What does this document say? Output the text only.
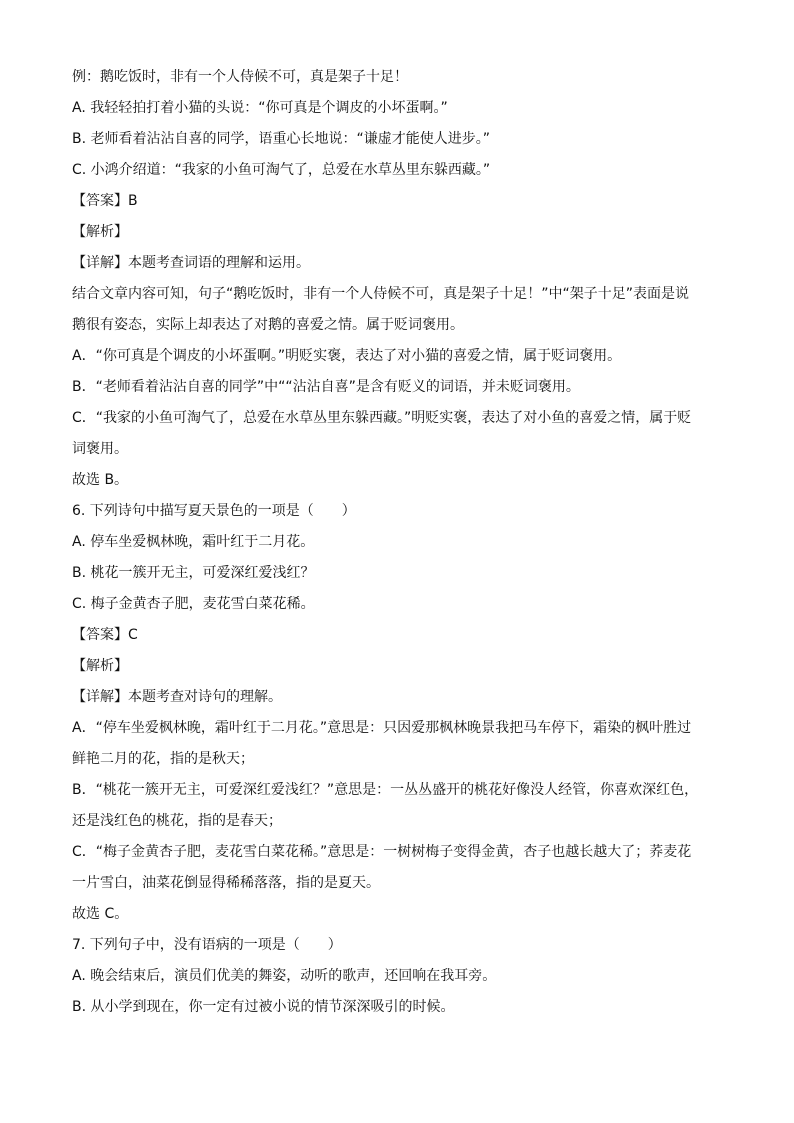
例：鹅吃饭时，非有一个人侍候不可，真是架子十足！
A. 我轻轻拍打着小猫的头说：“你可真是个调皮的小坏蛋啊。”
B. 老师看着沾沾自喜的同学，语重心长地说：“谦虚才能使人进步。”
C. 小鸿介绍道：“我家的小鱼可淘气了，总爱在水草丛里东躲西藏。”
【答案】B
【解析】
【详解】本题考查词语的理解和运用。
结合文章内容可知，句子“鹅吃饭时，非有一个人侍候不可，真是架子十足！”中“架子十足”表面是说
鹅很有姿态，实际上却表达了对鹅的喜爱之情。属于贬词褒用。
A．“你可真是个调皮的小坏蛋啊。”明贬实褒，表达了对小猫的喜爱之情，属于贬词褒用。
B．“老师看着沾沾自喜的同学”中““沾沾自喜”是含有贬义的词语，并未贬词褒用。
C．“我家的小鱼可淘气了，总爱在水草丛里东躲西藏。”明贬实褒，表达了对小鱼的喜爱之情，属于贬
词褒用。
故选 B。
6. 下列诗句中描写夏天景色的一项是（　　）
A. 停车坐爱枫林晚，霜叶红于二月花。
B. 桃花一簇开无主，可爱深红爱浅红？
C. 梅子金黄杏子肥，麦花雪白菜花稀。
【答案】C
【解析】
【详解】本题考查对诗句的理解。
A．“停车坐爱枫林晚，霜叶红于二月花。”意思是：只因爱那枫林晚景我把马车停下，霜染的枫叶胜过
鲜艳二月的花，指的是秋天；
B．“桃花一簇开无主，可爱深红爱浅红？”意思是：一丛丛盛开的桃花好像没人经管，你喜欢深红色，
还是浅红色的桃花，指的是春天；
C．“梅子金黄杏子肥，麦花雪白菜花稀。”意思是：一树树梅子变得金黄，杏子也越长越大了；荞麦花
一片雪白，油菜花倒显得稀稀落落，指的是夏天。
故选 C。
7. 下列句子中，没有语病的一项是（　　）
A. 晚会结束后，演员们优美的舞姿，动听的歌声，还回响在我耳旁。
B. 从小学到现在，你一定有过被小说的情节深深吸引的时候。
